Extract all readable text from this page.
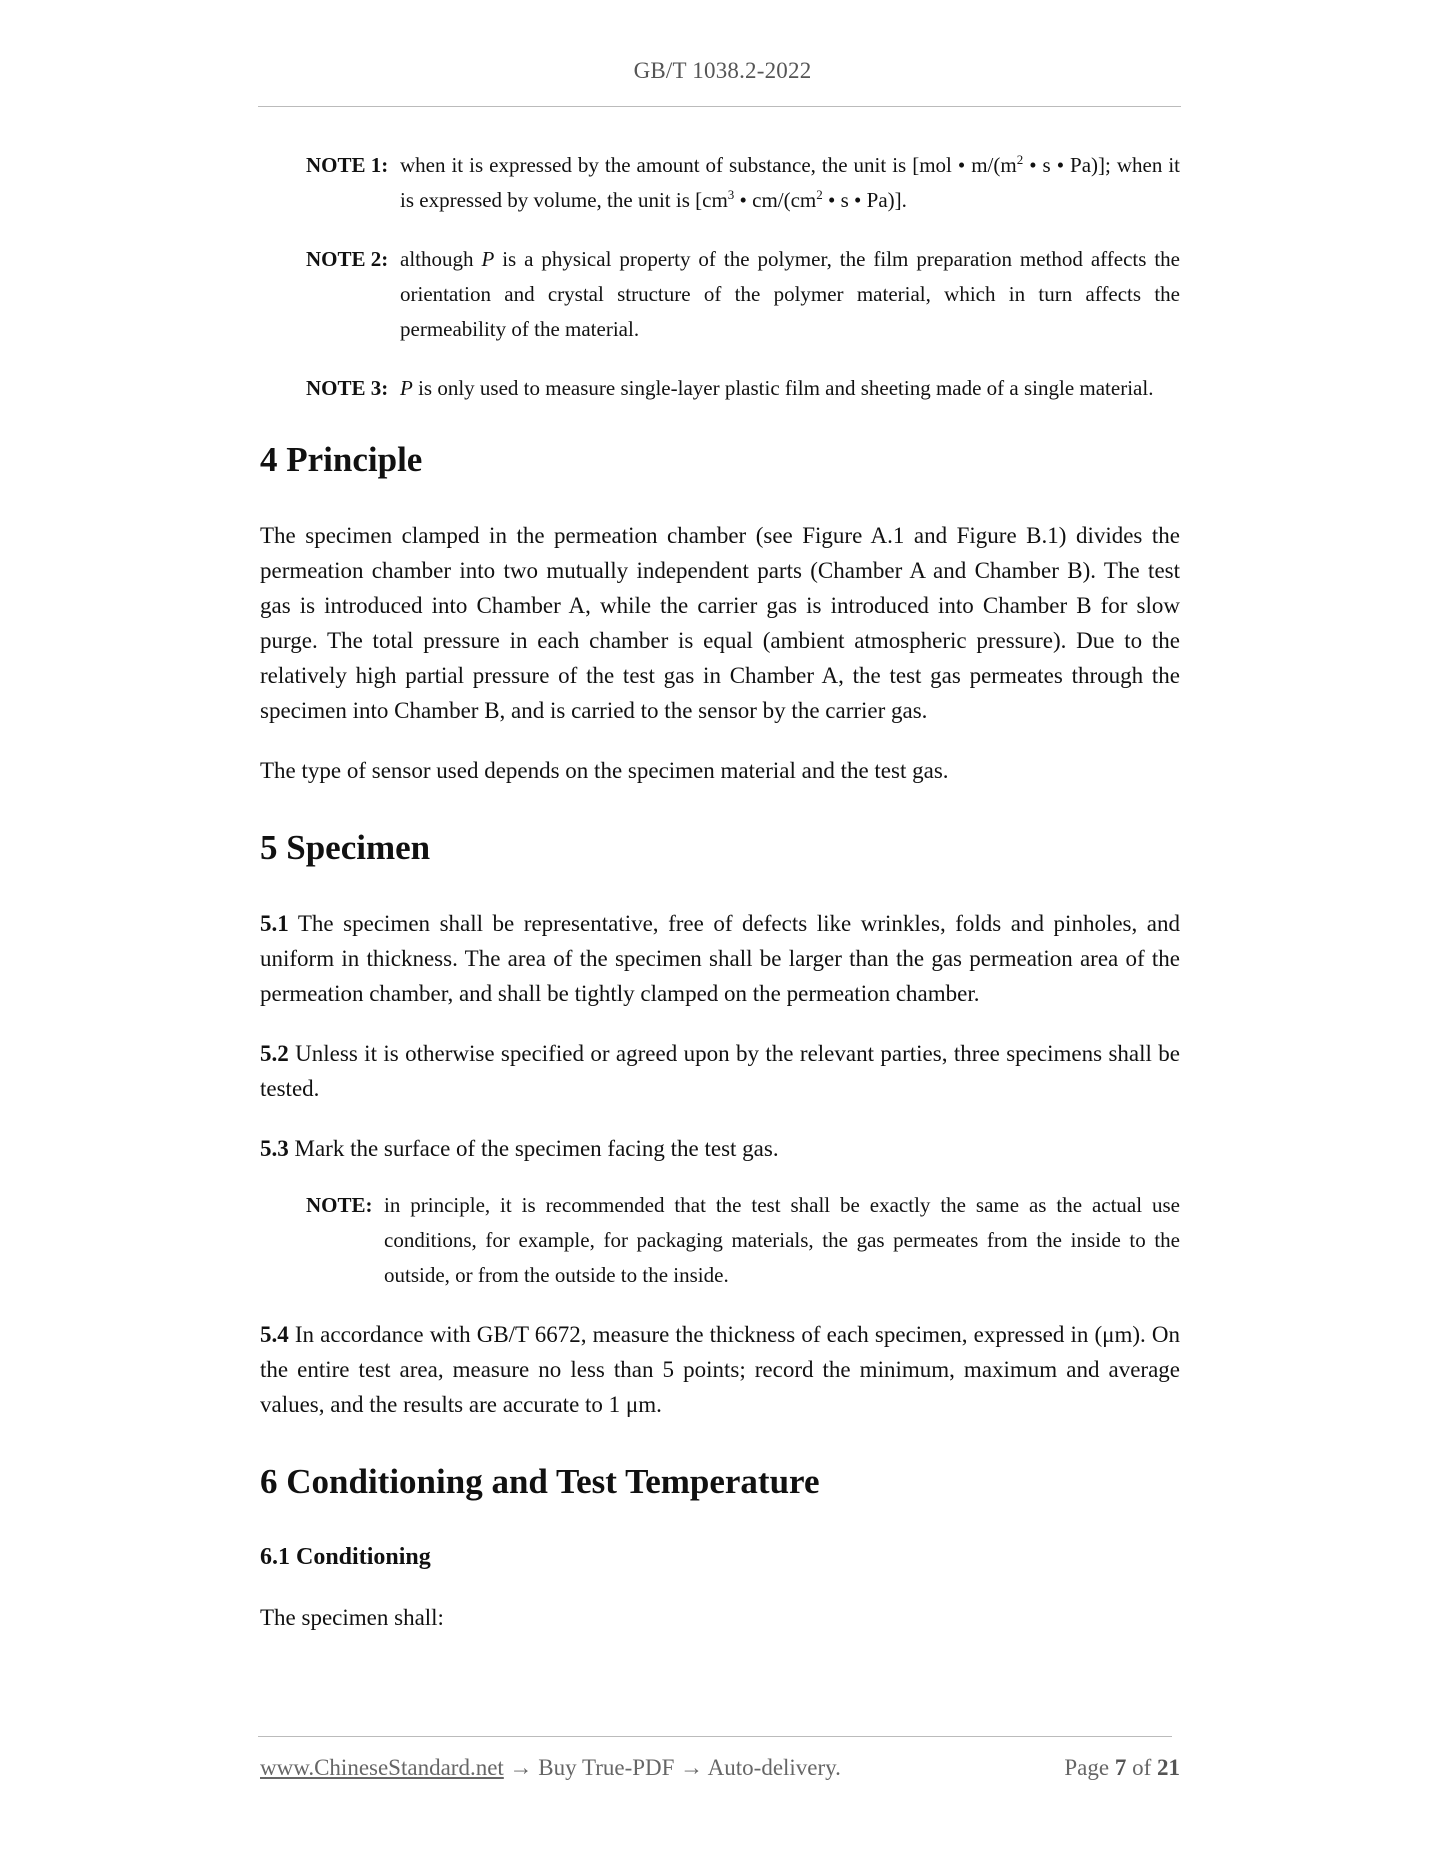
GB/T 1038.2-2022
NOTE 1: when it is expressed by the amount of substance, the unit is [mol • $m/(m^2$ • s • Pa)]; when it is expressed by volume, the unit is [$cm^3$ • $cm/(cm^2$ • s • Pa)].
NOTE 2: although P is a physical property of the polymer, the film preparation method affects the orientation and crystal structure of the polymer material, which in turn affects the permeability of the material.
NOTE 3: P is only used to measure single-layer plastic film and sheeting made of a single material.
4 Principle

The specimen clamped in the permeation chamber (see Figure A.1 and Figure B.1) divides the permeation chamber into two mutually independent parts (Chamber A and Chamber B). The test gas is introduced into Chamber A, while the carrier gas is introduced into Chamber B for slow purge. The total pressure in each chamber is equal (ambient atmospheric pressure). Due to the relatively high partial pressure of the test gas in Chamber A, the test gas permeates through the specimen into Chamber B, and is carried to the sensor by the carrier gas.

The type of sensor used depends on the specimen material and the test gas.

5 Specimen

5.1 The specimen shall be representative, free of defects like wrinkles, folds and pinholes, and uniform in thickness. The area of the specimen shall be larger than the gas permeation area of the permeation chamber, and shall be tightly clamped on the permeation chamber.

5.2 Unless it is otherwise specified or agreed upon by the relevant parties, three specimens shall be tested.

5.3 Mark the surface of the specimen facing the test gas.

NOTE: in principle, it is recommended that the test shall be exactly the same as the actual use conditions, for example, for packaging materials, the gas permeates from the inside to the outside, or from the outside to the inside.

5.4 In accordance with GB/T 6672, measure the thickness of each specimen, expressed in (μm). On the entire test area, measure no less than 5 points; record the minimum, maximum and average values, and the results are accurate to 1 μm.

6 Conditioning and Test Temperature
6.1 Conditioning

The specimen shall:

www.ChineseStandard.net → Buy True-PDF → Auto-delivery.	Page 7 of 21
